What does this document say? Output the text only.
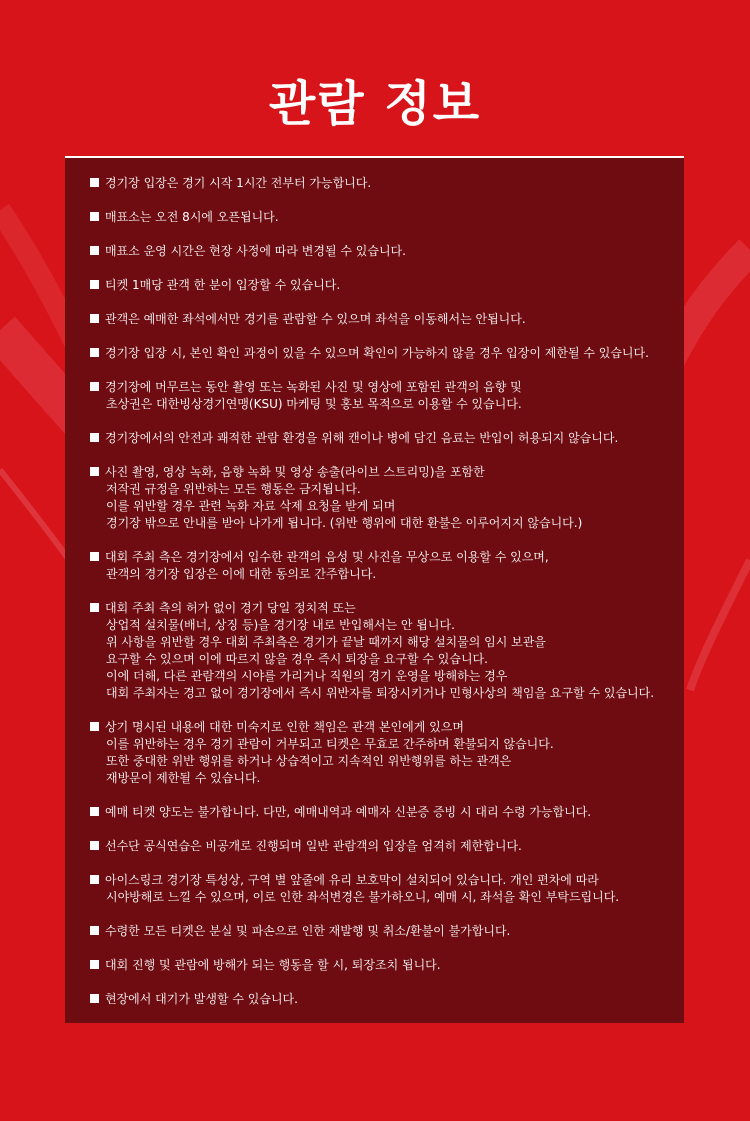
관람 정보
경기장 입장은 경기 시작 1시간 전부터 가능합니다.
매표소는 오전 8시에 오픈됩니다.
매표소 운영 시간은 현장 사정에 따라 변경될 수 있습니다.
티켓 1매당 관객 한 분이 입장할 수 있습니다.
관객은 예매한 좌석에서만 경기를 관람할 수 있으며 좌석을 이동해서는 안됩니다.
경기장 입장 시, 본인 확인 과정이 있을 수 있으며 확인이 가능하지 않을 경우 입장이 제한될 수 있습니다.
경기장에 머무르는 동안 촬영 또는 녹화된 사진 및 영상에 포함된 관객의 음향 및
초상권은 대한빙상경기연맹(KSU) 마케팅 및 홍보 목적으로 이용할 수 있습니다.
경기장에서의 안전과 쾌적한 관람 환경을 위해 캔이나 병에 담긴 음료는 반입이 허용되지 않습니다.
사진 촬영, 영상 녹화, 음향 녹화 및 영상 송출(라이브 스트리밍)을 포함한
저작권 규정을 위반하는 모든 행동은 금지됩니다.
이를 위반할 경우 관련 녹화 자료 삭제 요청을 받게 되며
경기장 밖으로 안내를 받아 나가게 됩니다. (위반 행위에 대한 환불은 이루어지지 않습니다.)
대회 주최 측은 경기장에서 입수한 관객의 음성 및 사진을 무상으로 이용할 수 있으며,
관객의 경기장 입장은 이에 대한 동의로 간주합니다.
대회 주최 측의 허가 없이 경기 당일 정치적 또는
상업적 설치물(배너, 상징 등)을 경기장 내로 반입해서는 안 됩니다.
위 사항을 위반할 경우 대회 주최측은 경기가 끝날 때까지 해당 설치물의 임시 보관을
요구할 수 있으며 이에 따르지 않을 경우 즉시 퇴장을 요구할 수 있습니다.
이에 더해, 다른 관람객의 시야를 가리거나 직원의 경기 운영을 방해하는 경우
대회 주최자는 경고 없이 경기장에서 즉시 위반자를 퇴장시키거나 민형사상의 책임을 요구할 수 있습니다.
상기 명시된 내용에 대한 미숙지로 인한 책임은 관객 본인에게 있으며
이를 위반하는 경우 경기 관람이 거부되고 티켓은 무효로 간주하며 환불되지 않습니다.
또한 중대한 위반 행위를 하거나 상습적이고 지속적인 위반행위를 하는 관객은
재방문이 제한될 수 있습니다.
예매 티켓 양도는 불가합니다. 다만, 예매내역과 예매자 신분증 증빙 시 대리 수령 가능합니다.
선수단 공식연습은 비공개로 진행되며 일반 관람객의 입장을 엄격히 제한합니다.
아이스링크 경기장 특성상, 구역 별 앞줄에 유리 보호막이 설치되어 있습니다. 개인 편차에 따라
시야방해로 느낄 수 있으며, 이로 인한 좌석변경은 불가하오니, 예매 시, 좌석을 확인 부탁드립니다.
수령한 모든 티켓은 분실 및 파손으로 인한 재발행 및 취소/환불이 불가합니다.
대회 진행 및 관람에 방해가 되는 행동을 할 시, 퇴장조치 됩니다.
현장에서 대기가 발생할 수 있습니다.
